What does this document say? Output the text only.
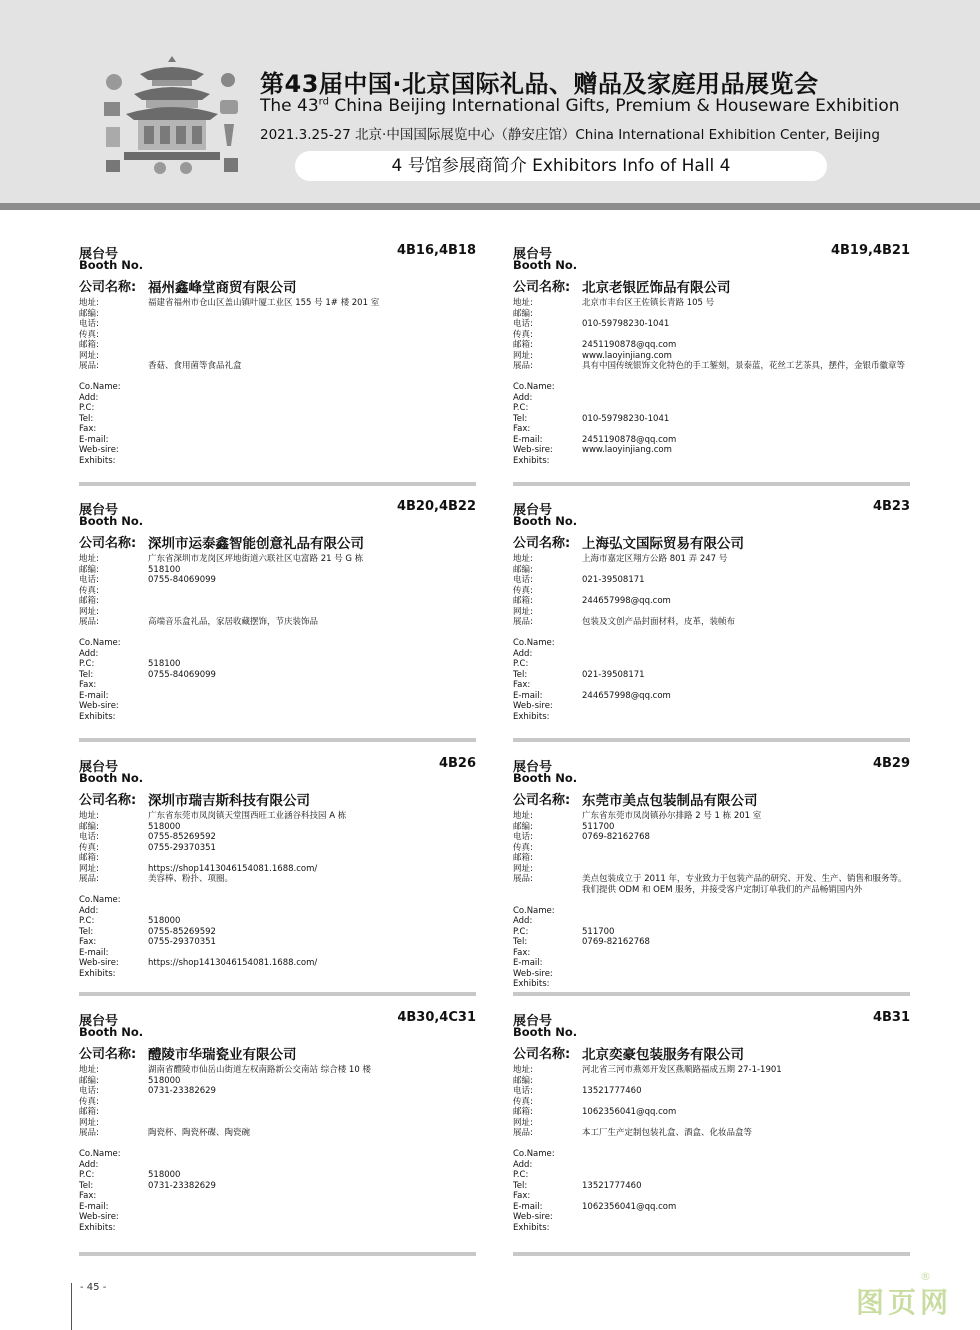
第43届中国·北京国际礼品、赠品及家庭用品展览会
The 43rd China Beijing International Gifts, Premium & Houseware Exhibition
2021.3.25-27 北京·中国国际展览中心（静安庄馆）China International Exhibition Center, Beijing
4 号馆参展商简介 Exhibitors Info of Hall 4
展台号
Booth No.
4B16,4B18
公司名称: 福州鑫峰堂商贸有限公司
地址:	福建省福州市仓山区盖山镇叶厦工业区 155 号 1# 楼 201 室
邮编:
电话:
传真:
邮箱:
网址:
展品:	香菇、食用菌等食品礼盒
Co.Name:
Add:
P.C:
Tel:
Fax:
E-mail:
Web-sire:
Exhibits:
展台号
Booth No.
4B19,4B21
公司名称: 北京老银匠饰品有限公司
地址:	北京市丰台区王佐镇长青路 105 号
邮编:
电话:	010-59798230-1041
传真:
邮箱:	2451190878@qq.com
网址:	www.laoyinjiang.com
展品:	具有中国传统银饰文化特色的手工錾刻，景泰蓝，花丝工艺茶具，摆件，金银币徽章等
Co.Name:
Add:
P.C:
Tel:	010-59798230-1041
Fax:
E-mail:	2451190878@qq.com
Web-sire:	www.laoyinjiang.com
Exhibits:
展台号
Booth No.
4B20,4B22
公司名称: 深圳市运泰鑫智能创意礼品有限公司
地址:	广东省深圳市龙岗区坪地街道六联社区屯富路 21 号 G 栋
邮编:	518100
电话:	0755-84069099
传真:
邮箱:
网址:
展品:	高端音乐盒礼品，家居收藏摆饰，节庆装饰品
Co.Name:
Add:
P.C:	518100
Tel:	0755-84069099
Fax:
E-mail:
Web-sire:
Exhibits:
展台号
Booth No.
4B23
公司名称: 上海弘文国际贸易有限公司
地址:	上海市嘉定区翔方公路 801 弄 247 号
邮编:
电话:	021-39508171
传真:
邮箱:	244657998@qq.com
网址:
展品:	包装及文创产品封面材料，皮革，装帧布
Co.Name:
Add:
P.C:
Tel:	021-39508171
Fax:
E-mail:	244657998@qq.com
Web-sire:
Exhibits:
展台号
Booth No.
4B26
公司名称: 深圳市瑞吉斯科技有限公司
地址:	广东省东莞市凤岗镇天堂围西旺工业涵谷科技园 A 栋
邮编:	518000
电话:	0755-85269592
传真:	0755-29370351
邮箱:
网址:	https://shop1413046154081.1688.com/
展品:	美容棒、粉扑、项圈。
Co.Name:
Add:
P.C:	518000
Tel:	0755-85269592
Fax:	0755-29370351
E-mail:
Web-sire:	https://shop1413046154081.1688.com/
Exhibits:
展台号
Booth No.
4B29
公司名称: 东莞市美点包装制品有限公司
地址:	广东省东莞市凤岗镇孙尔排路 2 号 1 栋 201 室
邮编:	511700
电话:	0769-82162768
传真:
邮箱:
网址:
展品:	美点包装成立于 2011 年，专业致力于包装产品的研究、开发、生产、销售和服务等。我们提供 ODM 和 OEM 服务，并接受客户定制订单我们的产品畅销国内外
Co.Name:
Add:
P.C:	511700
Tel:	0769-82162768
Fax:
E-mail:
Web-sire:
Exhibits:
展台号
Booth No.
4B30,4C31
公司名称: 醴陵市华瑞瓷业有限公司
地址:	湖南省醴陵市仙岳山街道左权南路新公交南站 综合楼 10 楼
邮编:	518000
电话:	0731-23382629
传真:
邮箱:
网址:
展品:	陶瓷杯、陶瓷杯碟、陶瓷碗
Co.Name:
Add:
P.C:	518000
Tel:	0731-23382629
Fax:
E-mail:
Web-sire:
Exhibits:
展台号
Booth No.
4B31
公司名称: 北京奕豪包装服务有限公司
地址:	河北省三河市燕郊开发区燕顺路福成五期 27-1-1901
邮编:
电话:	13521777460
传真:
邮箱:	1062356041@qq.com
网址:
展品:	本工厂生产定制包装礼盒、酒盒、化妆品盒等
Co.Name:
Add:
P.C:
Tel:	13521777460
Fax:
E-mail:	1062356041@qq.com
Web-sire:
Exhibits:
- 45 -	图页网
®
